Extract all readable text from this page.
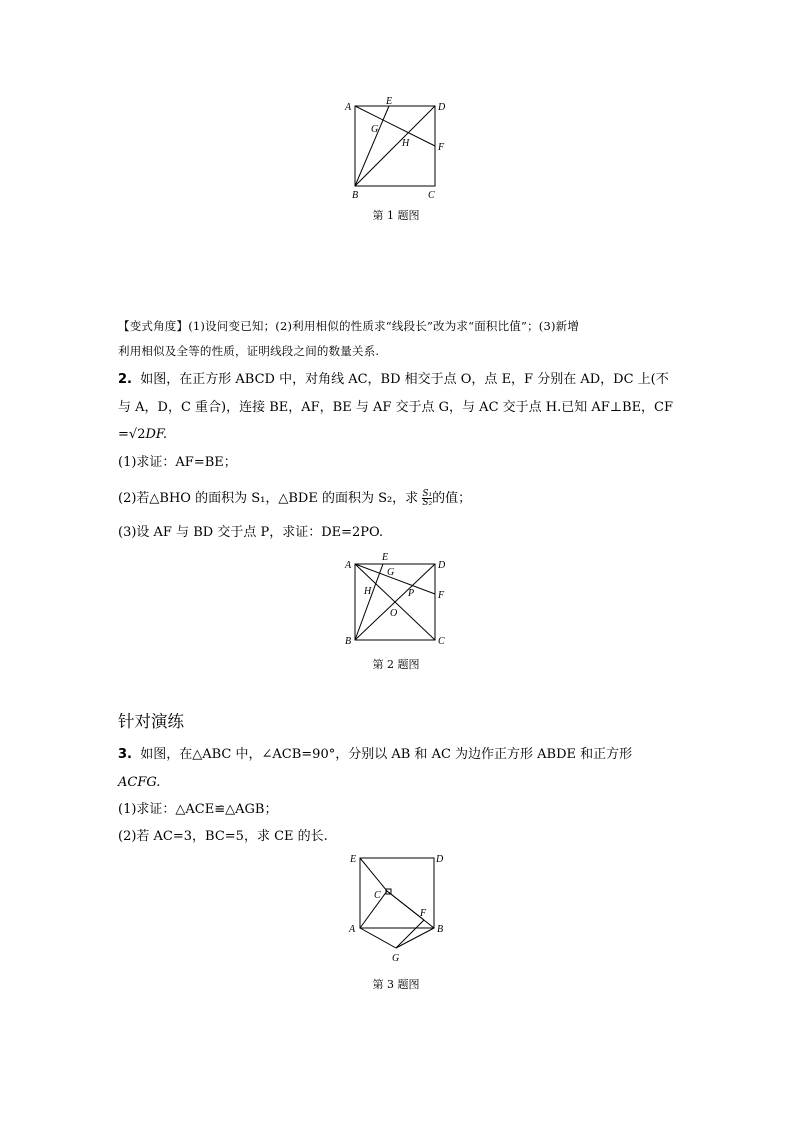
A
E
D
G
H	F
B	C
第 1 题图
【变式角度】(1)设问变已知；(2)利用相似的性质求“线段长”改为求“面积比值”；(3)新增
利用相似及全等的性质，证明线段之间的数量关系.
2. 如图，在正方形 ABCD 中，对角线 AC，BD 相交于点 O，点 E，F 分别在 AD，DC 上(不
与 A，D，C 重合)，连接 BE，AF，BE 与 AF 交于点 G，与 AC 交于点 H.已知 AF⊥BE，CF
=√2DF.
(1)求证：AF=BE；
(2)若△BHO 的面积为 S₁，△BDE 的面积为 S₂，求 $\frac{\text{S₁}}{\text{S₂}}$ 的值；
(3)设 AF 与 BD 交于点 P，求证：DE=2PO.
A
E
G
D
H	P F
O
B	C
第 2 题图
针对演练
3. 如图，在△ABC 中，∠ACB=90°，分别以 AB 和 AC 为边作正方形 ABDE 和正方形
ACFG.
(1)求证：△ACE≌△AGB；
(2)若 AC=3，BC=5，求 CE 的长.
E	D
C
F
A	B
G
第 3 题图
